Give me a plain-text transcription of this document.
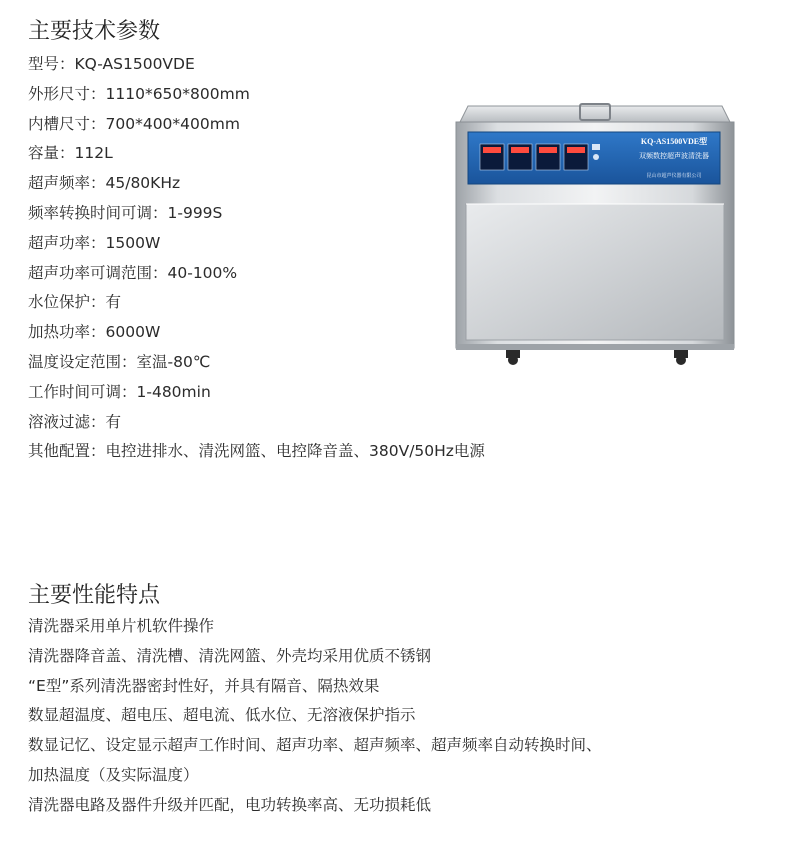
主要技术参数
型号：KQ-AS1500VDE
外形尺寸：1110*650*800mm
内槽尺寸：700*400*400mm
容量：112L
超声频率：45/80KHz
频率转换时间可调：1-999S
超声功率：1500W
超声功率可调范围：40-100%
水位保护：有
加热功率：6000W
温度设定范围：室温-80℃
工作时间可调：1-480min
溶液过滤：有
其他配置：电控进排水、清洗网篮、电控降音盖、380V/50Hz电源
KQ-AS1500VDE型
双频数控超声波清洗器
昆山市超声仪器有限公司
主要性能特点
清洗器采用单片机软件操作
清洗器降音盖、清洗槽、清洗网篮、外壳均采用优质不锈钢
“E型”系列清洗器密封性好，并具有隔音、隔热效果
数显超温度、超电压、超电流、低水位、无溶液保护指示
数显记忆、设定显示超声工作时间、超声功率、超声频率、超声频率自动转换时间、
加热温度（及实际温度）
清洗器电路及器件升级并匹配，电功转换率高、无功损耗低
